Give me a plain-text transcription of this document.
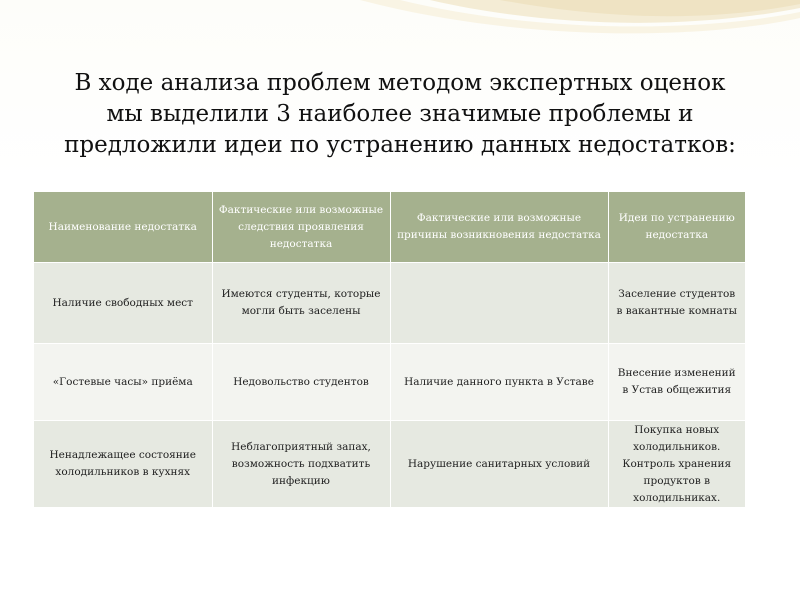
В ходе анализа проблем методом экспертных оценок
мы выделили 3 наиболее значимые проблемы и
предложили идеи по устранению данных недостатков:
Наименование недостатка	Фактические или возможные следствия проявления недостатка	Фактические или возможные причины возникновения недостатка	Идеи по устранению недостатка
Наличие свободных мест	Имеются студенты, которые могли быть заселены		Заселение студентов в вакантные комнаты
«Гостевые часы» приёма	Недовольство студентов	Наличие данного пункта в Уставе	Внесение изменений в Устав общежития
Ненадлежащее состояние холодильников в кухнях	Неблагоприятный запах, возможность подхватить инфекцию	Нарушение санитарных условий	Покупка новых холодильников. Контроль хранения продуктов в холодильниках.
